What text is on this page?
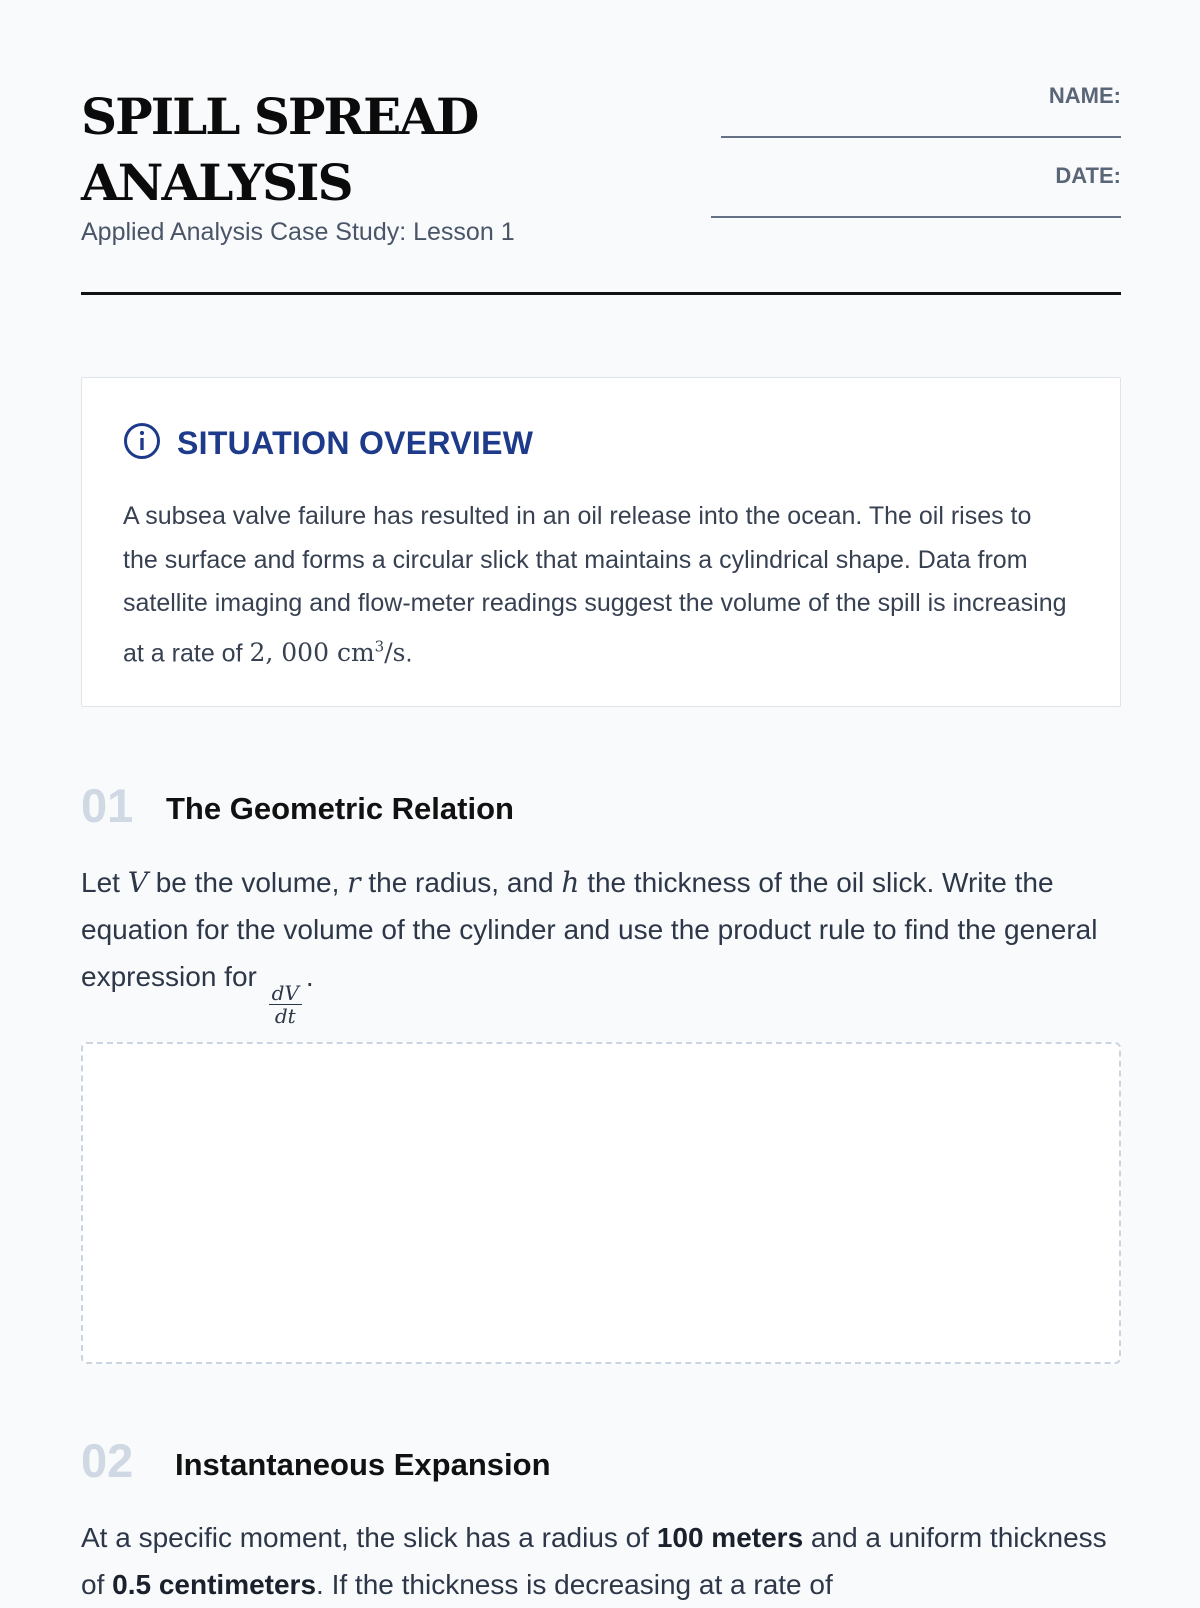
SPILL SPREAD
ANALYSIS
Applied Analysis Case Study: Lesson 1
NAME:
DATE:
SITUATION OVERVIEW
A subsea valve failure has resulted in an oil release into the ocean. The oil rises to the surface and forms a circular slick that maintains a cylindrical shape. Data from satellite imaging and flow-meter readings suggest the volume of the spill is increasing at a rate of 2, 000 $cm^3/s$.
01 The Geometric Relation
Let V be the volume, r the radius, and h the thickness of the oil slick. Write the equation for the volume of the cylinder and use the product rule to find the general expression for
$\frac{dV}{dt}$
.
02 Instantaneous Expansion
At a specific moment, the slick has a radius of 100 meters and a uniform thickness of 0.5 centimeters. If the thickness is decreasing at a rate of
